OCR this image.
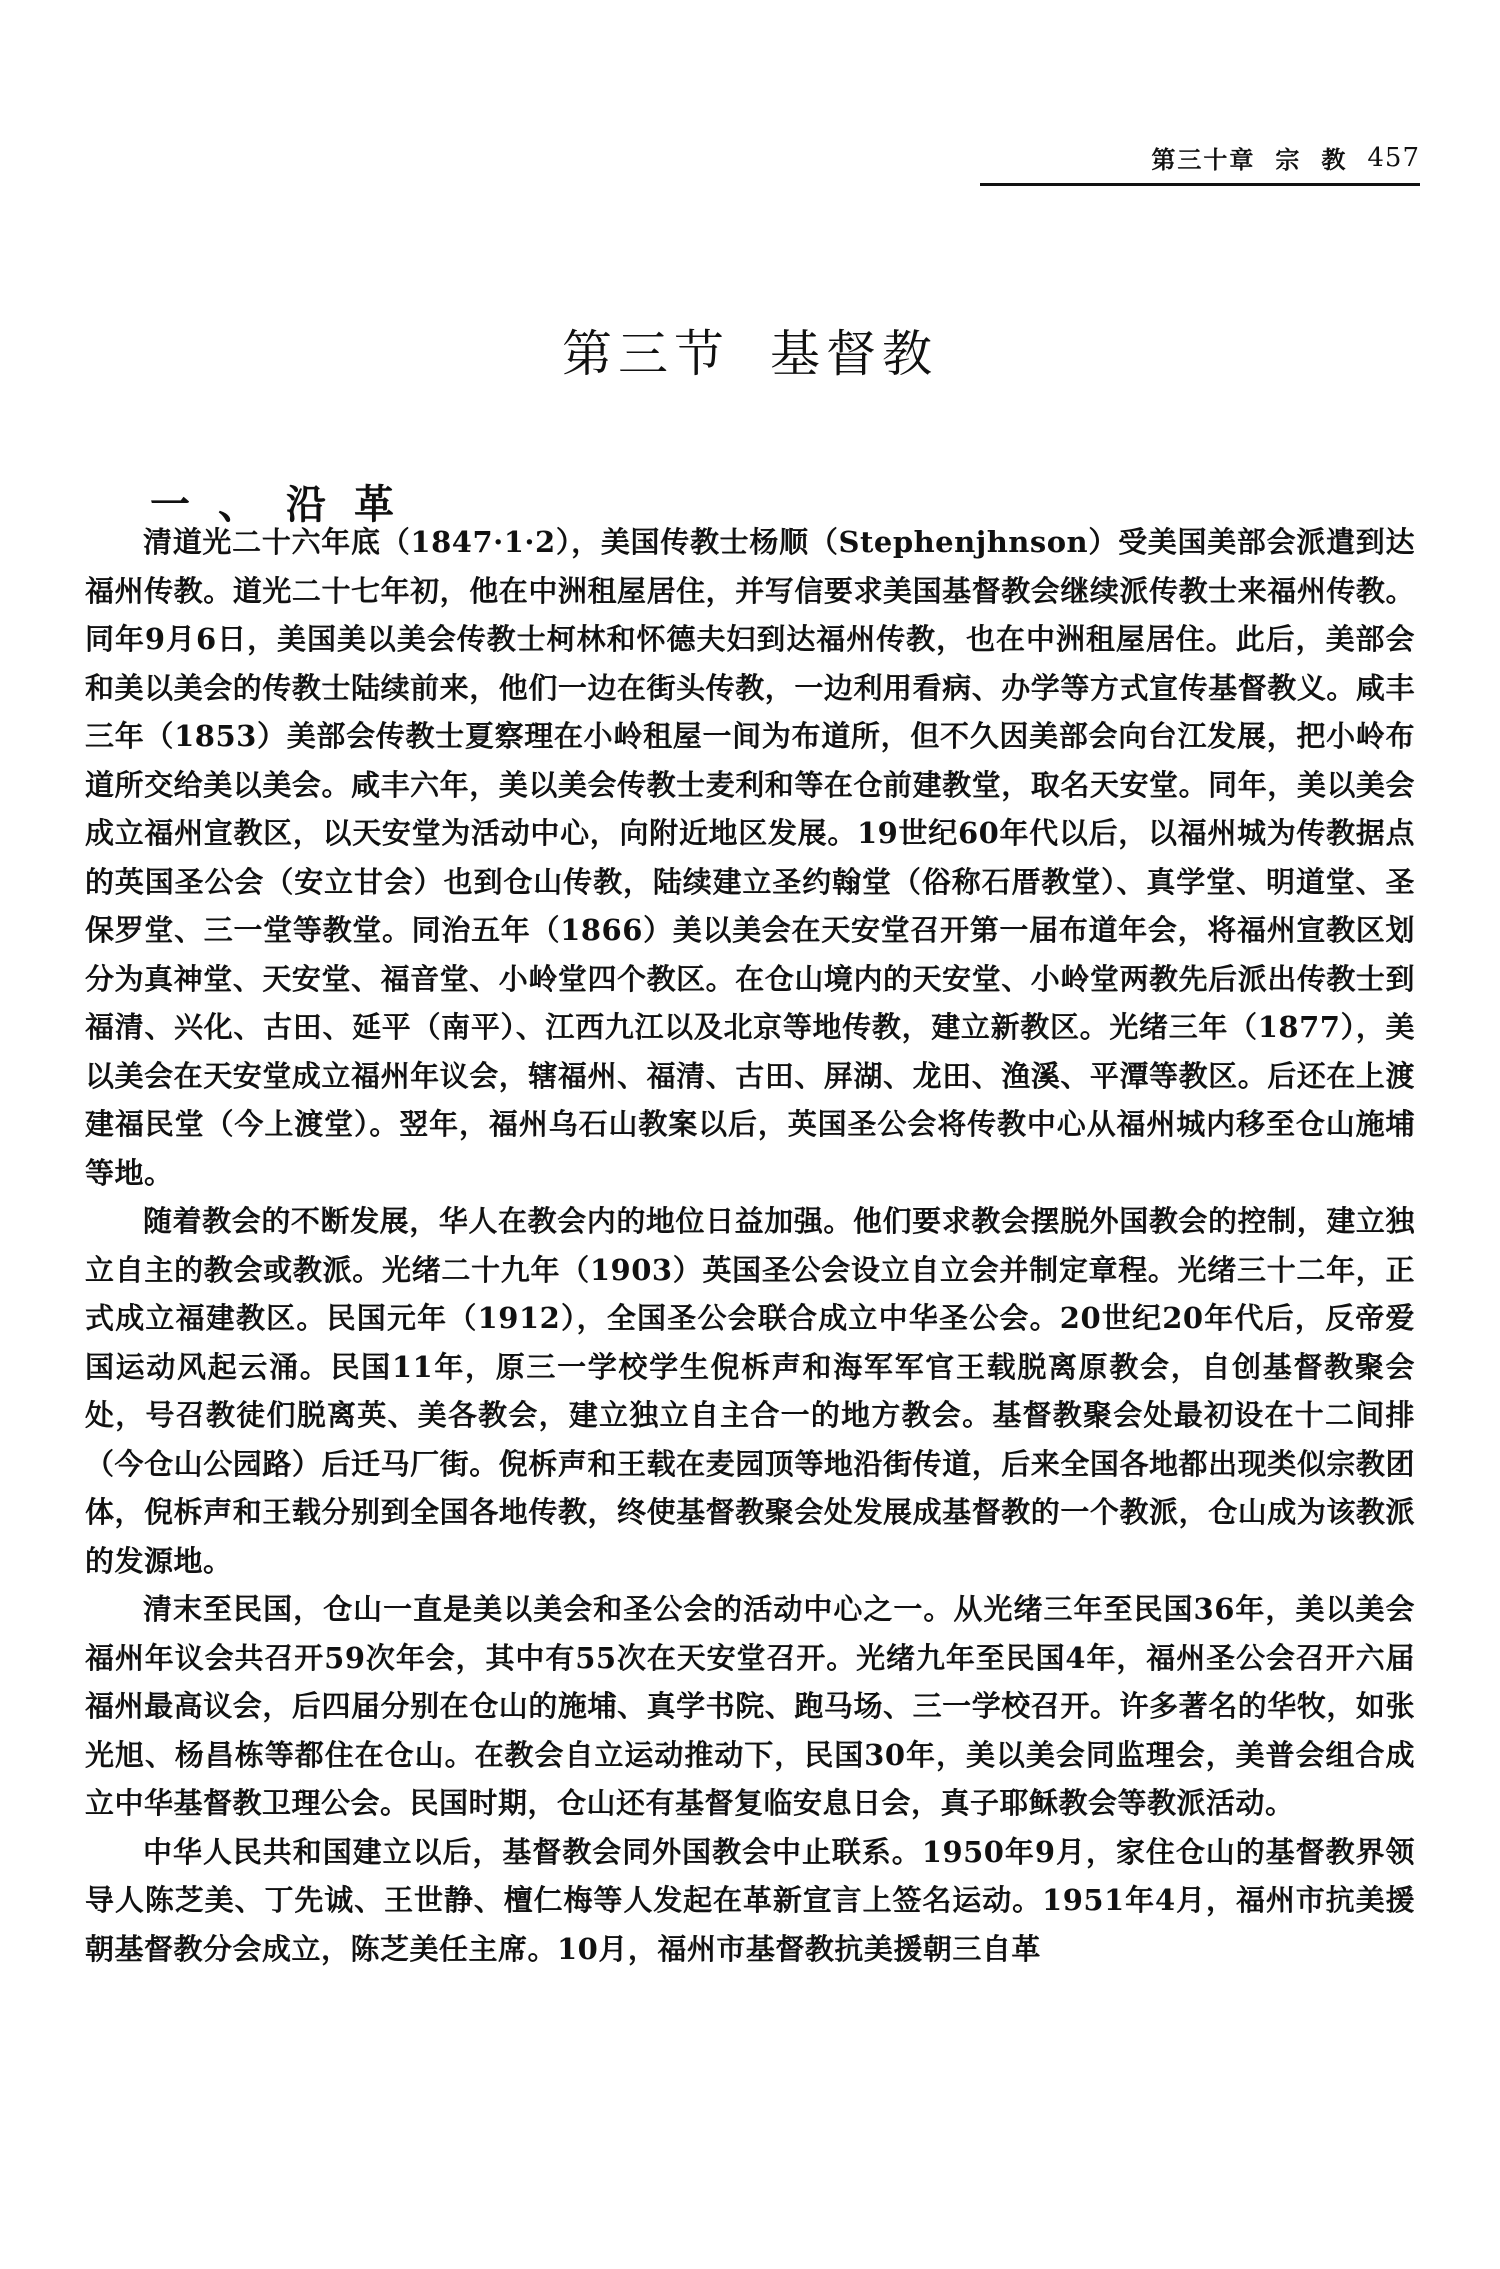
第三十章 宗 教 457
第三节 基督教
一、沿革

清道光二十六年底（1847·1·2），美国传教士杨顺（Stephenjhnson）受美国美部会派遣到达福州传教。道光二十七年初，他在中洲租屋居住，并写信要求美国基督教会继续派传教士来福州传教。同年9月6日，美国美以美会传教士柯林和怀德夫妇到达福州传教，也在中洲租屋居住。此后，美部会和美以美会的传教士陆续前来，他们一边在街头传教，一边利用看病、办学等方式宣传基督教义。咸丰三年（1853）美部会传教士夏察理在小岭租屋一间为布道所，但不久因美部会向台江发展，把小岭布道所交给美以美会。咸丰六年，美以美会传教士麦利和等在仓前建教堂，取名天安堂。同年，美以美会成立福州宣教区，以天安堂为活动中心，向附近地区发展。19世纪60年代以后，以福州城为传教据点的英国圣公会（安立甘会）也到仓山传教，陆续建立圣约翰堂（俗称石厝教堂）、真学堂、明道堂、圣保罗堂、三一堂等教堂。同治五年（1866）美以美会在天安堂召开第一届布道年会，将福州宣教区划分为真神堂、天安堂、福音堂、小岭堂四个教区。在仓山境内的天安堂、小岭堂两教先后派出传教士到福清、兴化、古田、延平（南平）、江西九江以及北京等地传教，建立新教区。光绪三年（1877），美以美会在天安堂成立福州年议会，辖福州、福清、古田、屏湖、龙田、渔溪、平潭等教区。后还在上渡建福民堂（今上渡堂）。翌年，福州乌石山教案以后，英国圣公会将传教中心从福州城内移至仓山施埔等地。

随着教会的不断发展，华人在教会内的地位日益加强。他们要求教会摆脱外国教会的控制，建立独立自主的教会或教派。光绪二十九年（1903）英国圣公会设立自立会并制定章程。光绪三十二年，正式成立福建教区。民国元年（1912），全国圣公会联合成立中华圣公会。20世纪20年代后，反帝爱国运动风起云涌。民国11年，原三一学校学生倪柝声和海军军官王载脱离原教会，自创基督教聚会处，号召教徒们脱离英、美各教会，建立独立自主合一的地方教会。基督教聚会处最初设在十二间排（今仓山公园路）后迁马厂街。倪柝声和王载在麦园顶等地沿街传道，后来全国各地都出现类似宗教团体，倪柝声和王载分别到全国各地传教，终使基督教聚会处发展成基督教的一个教派，仓山成为该教派的发源地。

清末至民国，仓山一直是美以美会和圣公会的活动中心之一。从光绪三年至民国36年，美以美会福州年议会共召开59次年会，其中有55次在天安堂召开。光绪九年至民国4年，福州圣公会召开六届福州最高议会，后四届分别在仓山的施埔、真学书院、跑马场、三一学校召开。许多著名的华牧，如张光旭、杨昌栋等都住在仓山。在教会自立运动推动下，民国30年，美以美会同监理会，美普会组合成立中华基督教卫理公会。民国时期，仓山还有基督复临安息日会，真子耶稣教会等教派活动。

中华人民共和国建立以后，基督教会同外国教会中止联系。1950年9月，家住仓山的基督教界领导人陈芝美、丁先诚、王世静、檀仁梅等人发起在革新宣言上签名运动。1951年4月，福州市抗美援朝基督教分会成立，陈芝美任主席。10月，福州市基督教抗美援朝三自革
